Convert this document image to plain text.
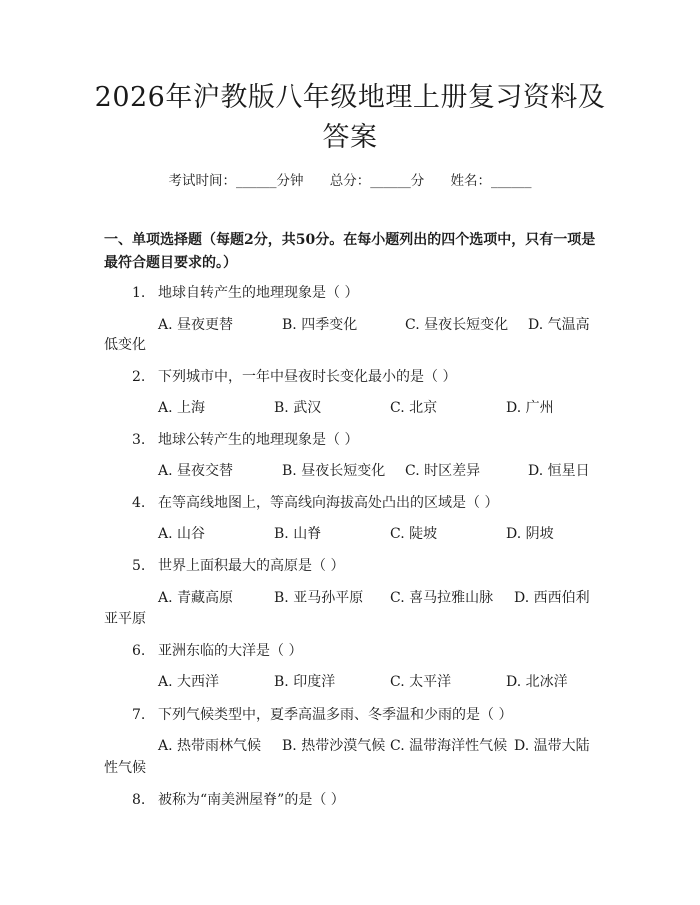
2026年沪教版八年级地理上册复习资料及答案
考试时间：______分钟 总分：______分 姓名：______
一、单项选择题（每题2分，共50分。在每小题列出的四个选项中，只有一项是最符合题目要求的。）
1. 地球自转产生的地理现象是（ ）
A. 昼夜更替	B. 四季变化	C. 昼夜长短变化 D. 气温高
低变化
2. 下列城市中，一年中昼夜时长变化最小的是（ ）
A. 上海	B. 武汉	C. 北京	D. 广州
3. 地球公转产生的地理现象是（ ）
A. 昼夜交替	B. 昼夜长短变化 C. 时区差异	D. 恒星日
4. 在等高线地图上，等高线向海拔高处凸出的区域是（ ）
A. 山谷	B. 山脊	C. 陡坡	D. 阴坡
5. 世界上面积最大的高原是（ ）
A. 青藏高原	B. 亚马孙平原 C. 喜马拉雅山脉 D. 西西伯利
亚平原
6. 亚洲东临的大洋是（ ）
A. 大西洋	B. 印度洋	C. 太平洋	D. 北冰洋
7. 下列气候类型中，夏季高温多雨、冬季温和少雨的是（ ）
A. 热带雨林气候 B. 热带沙漠气候 C. 温带海洋性气候 D. 温带大陆
性气候
8. 被称为“南美洲屋脊”的是（ ）
